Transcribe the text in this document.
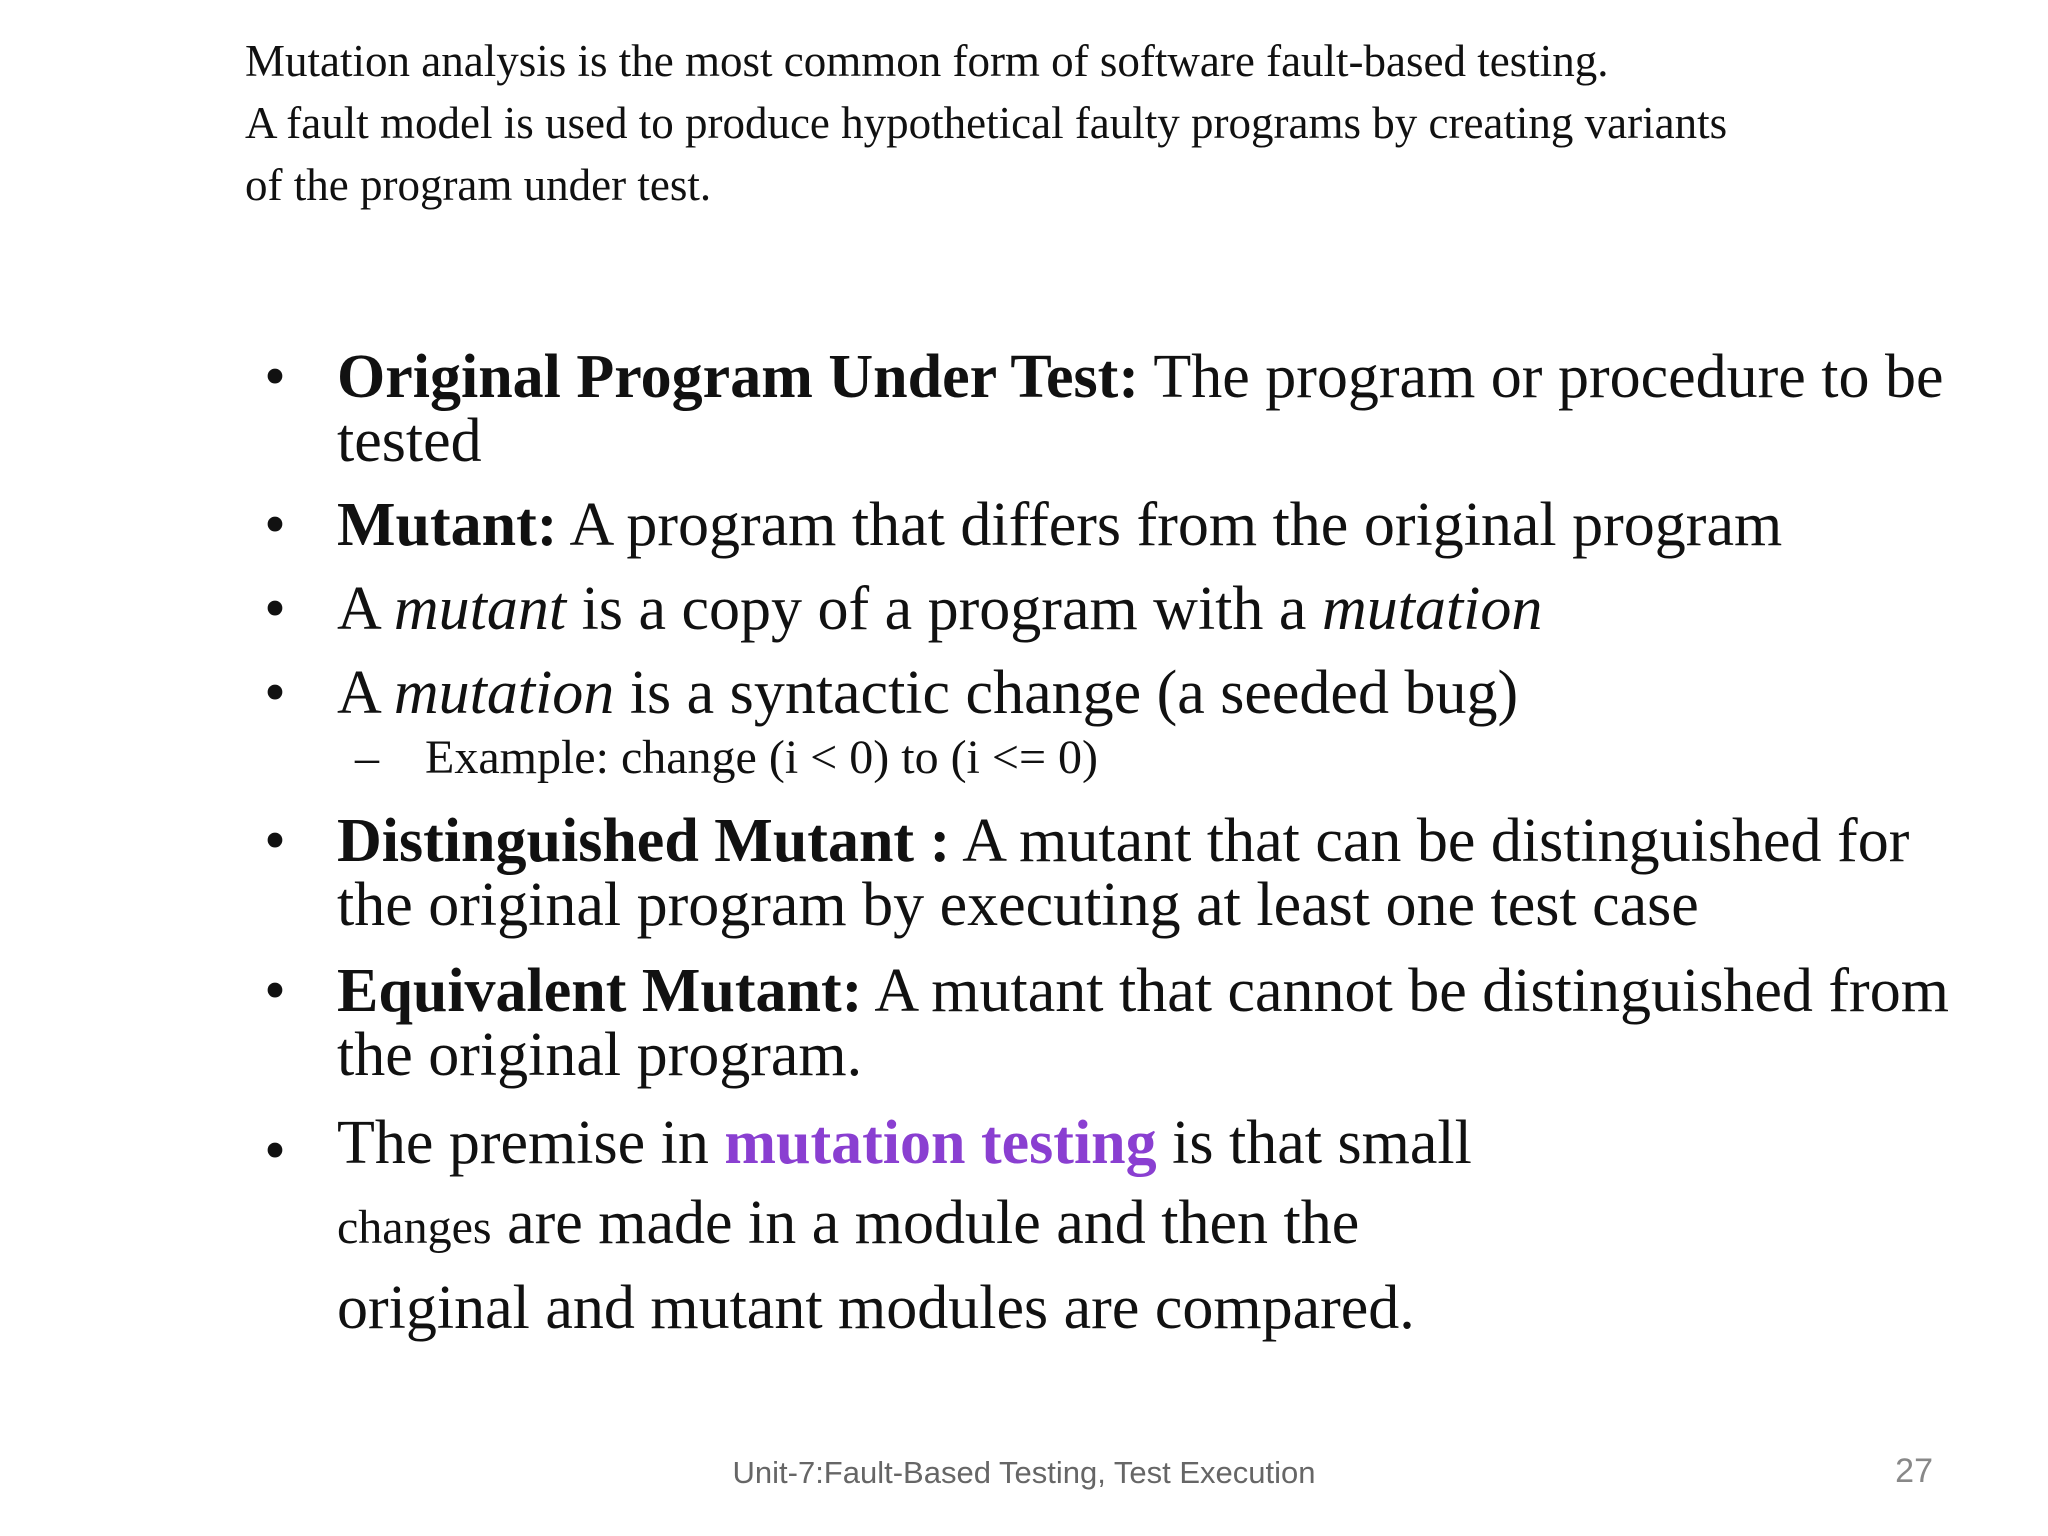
Mutation analysis is the most common form of software fault-based testing.

A fault model is used to produce hypothetical faulty programs by creating variants of the program under test.

• Original Program Under Test: The program or procedure to be tested
• Mutant: A program that differs from the original program
• A mutant is a copy of a program with a mutation
• A mutation is a syntactic change (a seeded bug)
– Example: change (i < 0) to (i <= 0)
• Distinguished Mutant : A mutant that can be distinguished for the original program by executing at least one test case
• Equivalent Mutant: A mutant that cannot be distinguished from the original program.
• The premise in mutation testing is that small
changes are made in a module and then the
original and mutant modules are compared.
Unit-7:Fault-Based Testing, Test Execution	27
